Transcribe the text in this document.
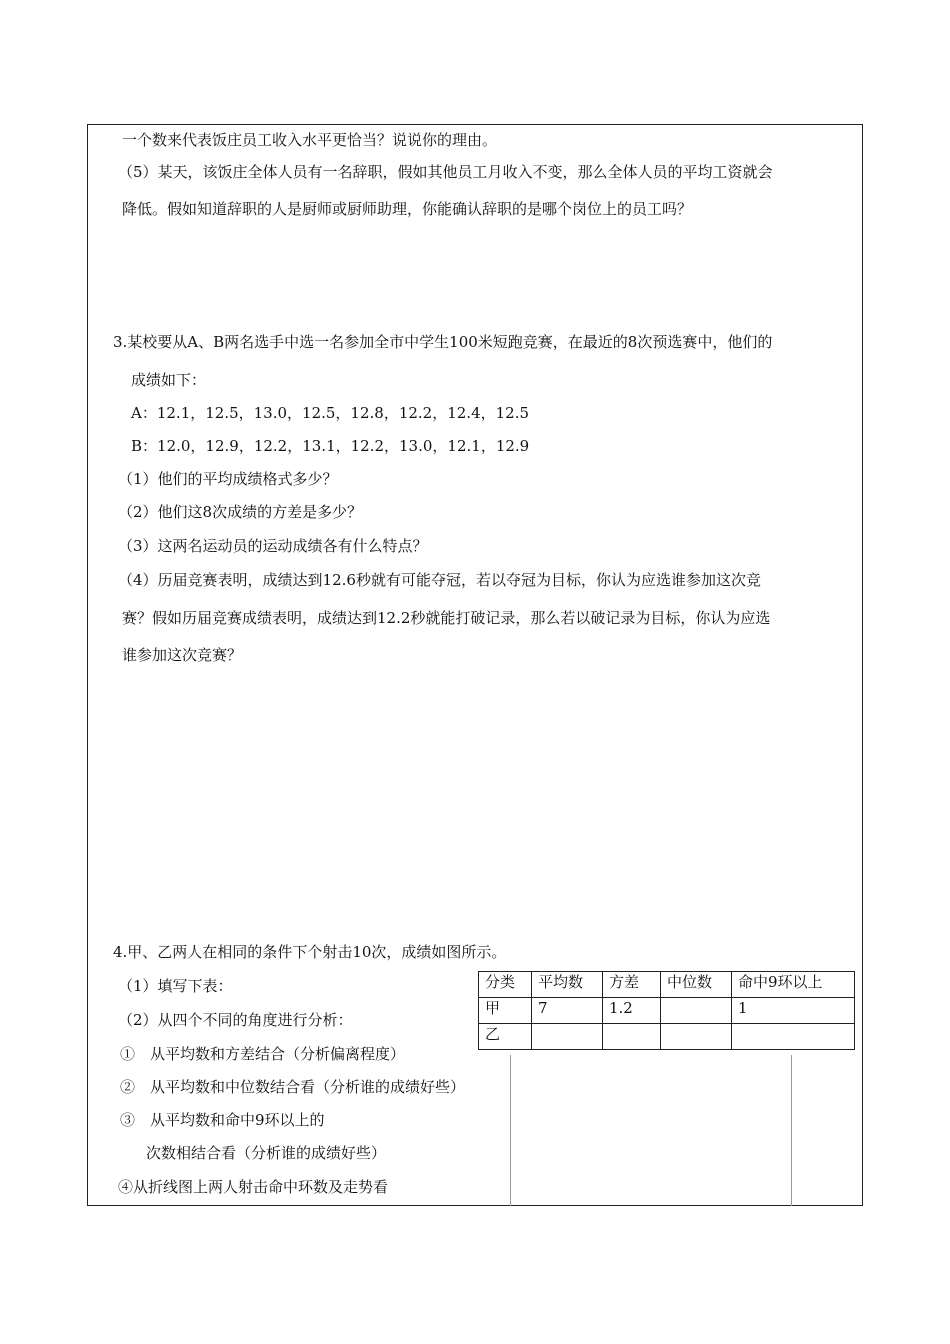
一个数来代表饭庄员工收入水平更恰当？说说你的理由。
（5）某天，该饭庄全体人员有一名辞职，假如其他员工月收入不变，那么全体人员的平均工资就会
降低。假如知道辞职的人是厨师或厨师助理，你能确认辞职的是哪个岗位上的员工吗？
3.某校要从A、B两名选手中选一名参加全市中学生100米短跑竞赛，在最近的8次预选赛中，他们的
成绩如下：
A：12.1，12.5，13.0，12.5，12.8，12.2，12.4，12.5
B：12.0，12.9，12.2，13.1，12.2，13.0，12.1，12.9
（1）他们的平均成绩格式多少？
（2）他们这8次成绩的方差是多少？
（3）这两名运动员的运动成绩各有什么特点？
（4）历届竞赛表明，成绩达到12.6秒就有可能夺冠，若以夺冠为目标，你认为应选谁参加这次竞
赛？假如历届竞赛成绩表明，成绩达到12.2秒就能打破记录，那么若以破记录为目标，你认为应选
谁参加这次竞赛？
4.甲、乙两人在相同的条件下个射击10次，成绩如图所示。
（1）填写下表：
（2）从四个不同的角度进行分析：
①　从平均数和方差结合（分析偏离程度）
②　从平均数和中位数结合看（分析谁的成绩好些）
③　从平均数和命中9环以上的
次数相结合看（分析谁的成绩好些）
④从折线图上两人射击命中环数及走势看
分类	平均数	方差	中位数	命中9环以上
甲	7	1.2		1
乙				
